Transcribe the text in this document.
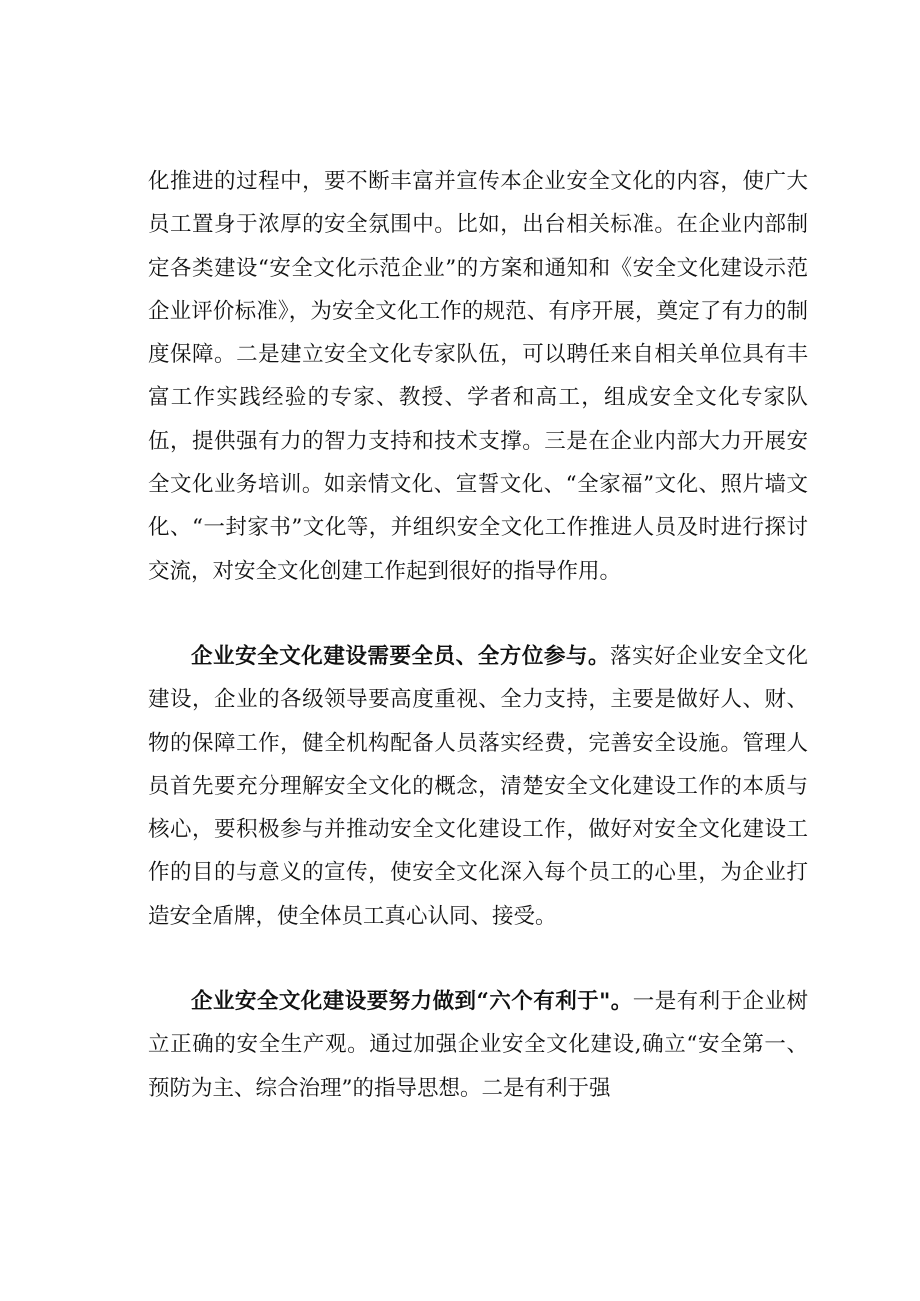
化推进的过程中，要不断丰富并宣传本企业安全文化的内容，使广大员工置身于浓厚的安全氛围中。比如，出台相关标准。在企业内部制定各类建设“安全文化示范企业”的方案和通知和《安全文化建设示范企业评价标准》，为安全文化工作的规范、有序开展，奠定了有力的制度保障。二是建立安全文化专家队伍，可以聘任来自相关单位具有丰富工作实践经验的专家、教授、学者和高工，组成安全文化专家队伍，提供强有力的智力支持和技术支撑。三是在企业内部大力开展安全文化业务培训。如亲情文化、宣誓文化、“全家福”文化、照片墙文化、“一封家书”文化等，并组织安全文化工作推进人员及时进行探讨交流，对安全文化创建工作起到很好的指导作用。

企业安全文化建设需要全员、全方位参与。落实好企业安全文化建设，企业的各级领导要高度重视、全力支持，主要是做好人、财、物的保障工作，健全机构配备人员落实经费，完善安全设施。管理人员首先要充分理解安全文化的概念，清楚安全文化建设工作的本质与核心，要积极参与并推动安全文化建设工作，做好对安全文化建设工作的目的与意义的宣传，使安全文化深入每个员工的心里，为企业打造安全盾牌，使全体员工真心认同、接受。

企业安全文化建设要努力做到“六个有利于"。一是有利于企业树立正确的安全生产观。通过加强企业安全文化建设,确立“安全第一、预防为主、综合治理”的指导思想。二是有利于强
